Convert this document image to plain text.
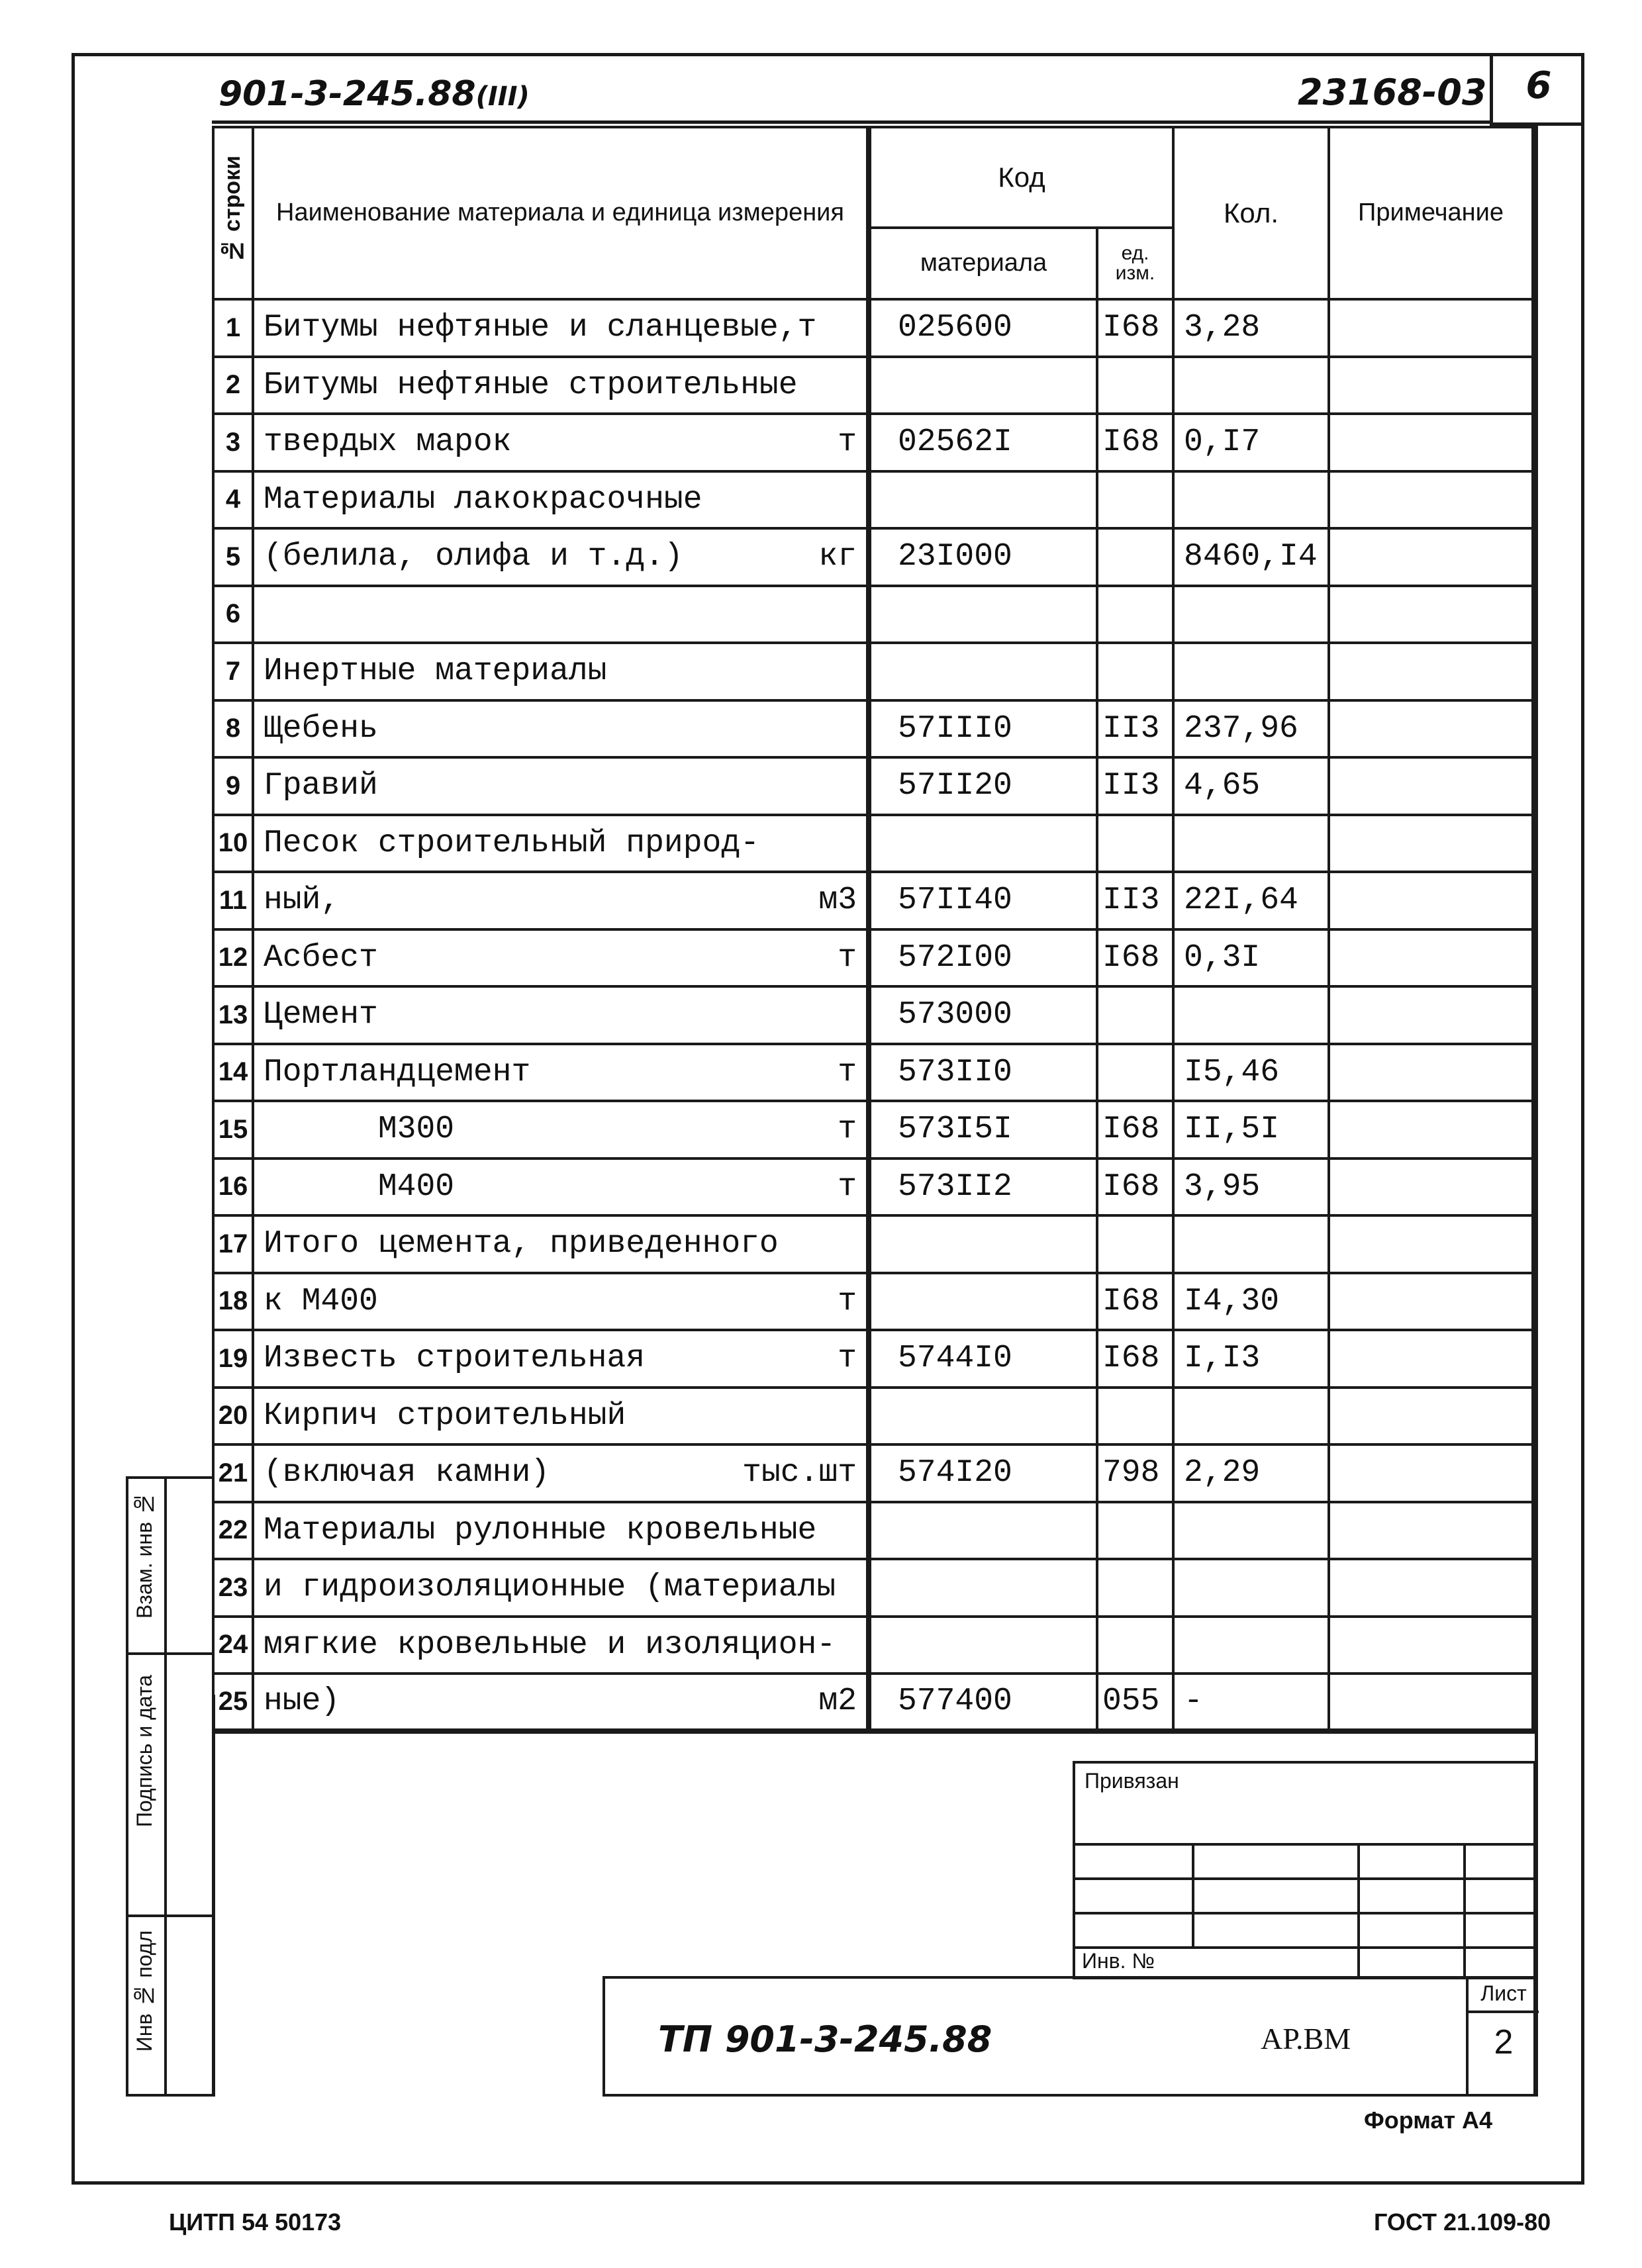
901-3-245.88(III)	23168-03	6
№ строки	Наименование материала и единица измерения	Код		Кол.	Примечание
		материала	ед. изм.		
1	Битумы нефтяные и сланцевые,т	025600	I68	3,28	
2	Битумы нефтяные строительные				

3	твердых марок т	02562I	I68	0,I7	
4	Материалы лакокрасочные				

5	(белила, олифа и т.д.) кг	23I000		8460,I4	
6	

7	Инертные материалы				

8	Щебень	57III0	II3	237,96	
9	Гравий	57II20	II3	4,65	
10	Песок строительный природ-				

11	ный, м3	57II40	II3	22I,64	
12	Асбест т	572I00	I68	0,3I	
13	Цемент	573000			
14	Портландцемент т	573II0		I5,46	
15	М300 т	573I5I	I68	II,5I	
16	М400 т	573II2	I68	3,95	
17	Итого цемента, приведенного				

18	к М400 т		I68	I4,30	
19	Известь строительная т	5744I0	I68	I,I3	
20	Кирпич строительный				

21	(включая камни) тыс.шт	574I20	798	2,29	
22	Материалы рулонные кровельные				

23	и гидроизоляционные (материалы				

24	мягкие кровельные и изоляцион-				

25	ные) м2	577400	055	-	
Взам. инв №
Подпись и дата
Инв № подл
Привязан
Инв. №
ТП 901-3-245.88	АР.ВМ
Лист
2
Формат А4
ЦИТП 54 50173	ГОСТ 21.109-80
